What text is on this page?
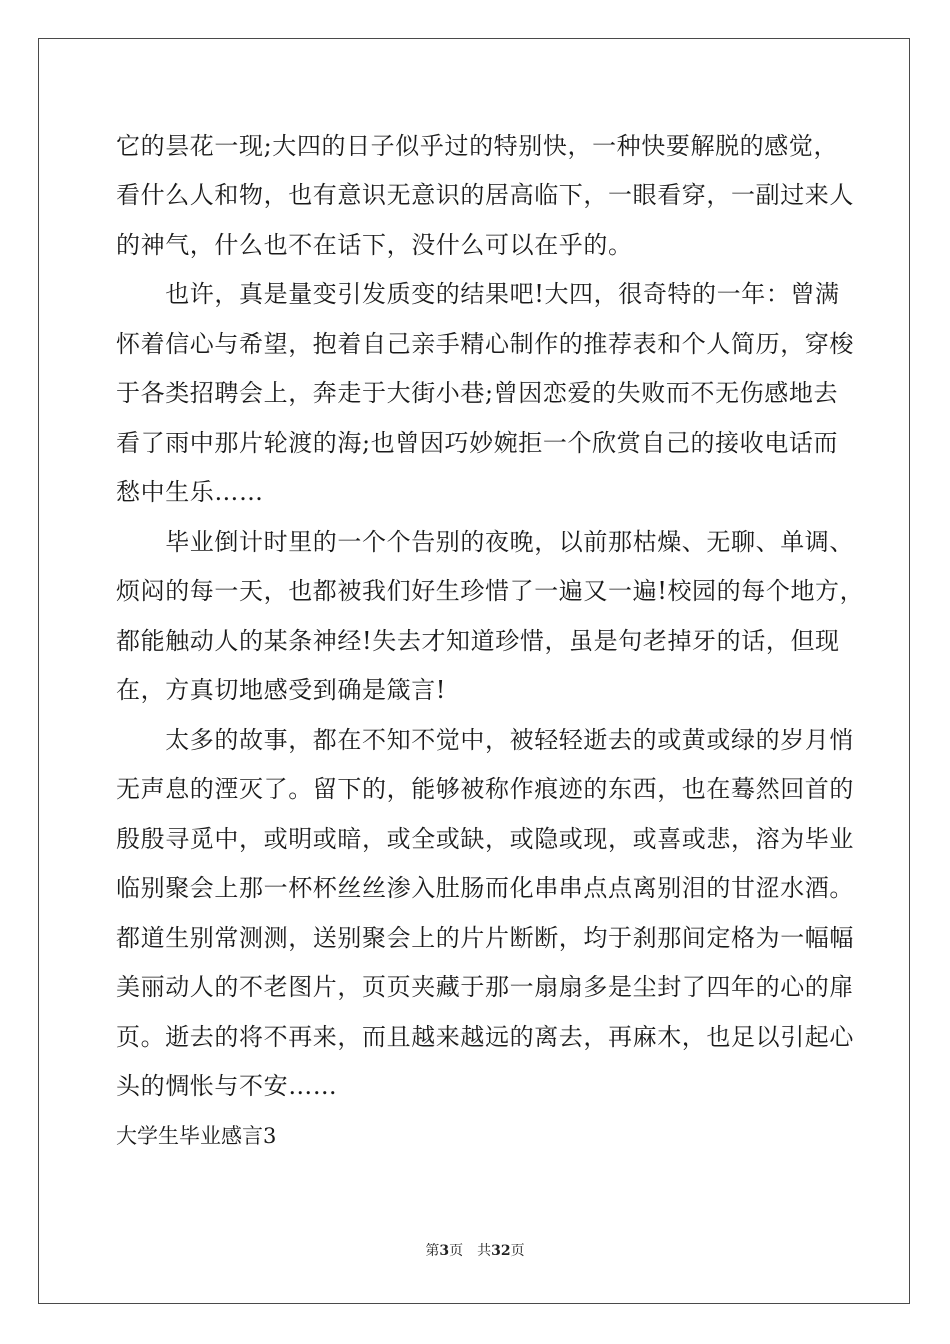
它的昙花一现;大四的日子似乎过的特别快，一种快要解脱的感觉，
看什么人和物，也有意识无意识的居高临下，一眼看穿，一副过来人
的神气，什么也不在话下，没什么可以在乎的。
　　也许，真是量变引发质变的结果吧!大四，很奇特的一年：曾满
怀着信心与希望，抱着自己亲手精心制作的推荐表和个人简历，穿梭
于各类招聘会上，奔走于大街小巷;曾因恋爱的失败而不无伤感地去
看了雨中那片轮渡的海;也曾因巧妙婉拒一个欣赏自己的接收电话而
愁中生乐……
　　毕业倒计时里的一个个告别的夜晚，以前那枯燥、无聊、单调、
烦闷的每一天，也都被我们好生珍惜了一遍又一遍!校园的每个地方，
都能触动人的某条神经!失去才知道珍惜，虽是句老掉牙的话，但现
在，方真切地感受到确是箴言!
　　太多的故事，都在不知不觉中，被轻轻逝去的或黄或绿的岁月悄
无声息的湮灭了。留下的，能够被称作痕迹的东西，也在蓦然回首的
殷殷寻觅中，或明或暗，或全或缺，或隐或现，或喜或悲，溶为毕业
临别聚会上那一杯杯丝丝渗入肚肠而化串串点点离别泪的甘涩水酒。
都道生别常测测，送别聚会上的片片断断，均于刹那间定格为一幅幅
美丽动人的不老图片，页页夹藏于那一扇扇多是尘封了四年的心的扉
页。逝去的将不再来，而且越来越远的离去，再麻木，也足以引起心
头的惆怅与不安……
大学生毕业感言3
第3页　共32页
